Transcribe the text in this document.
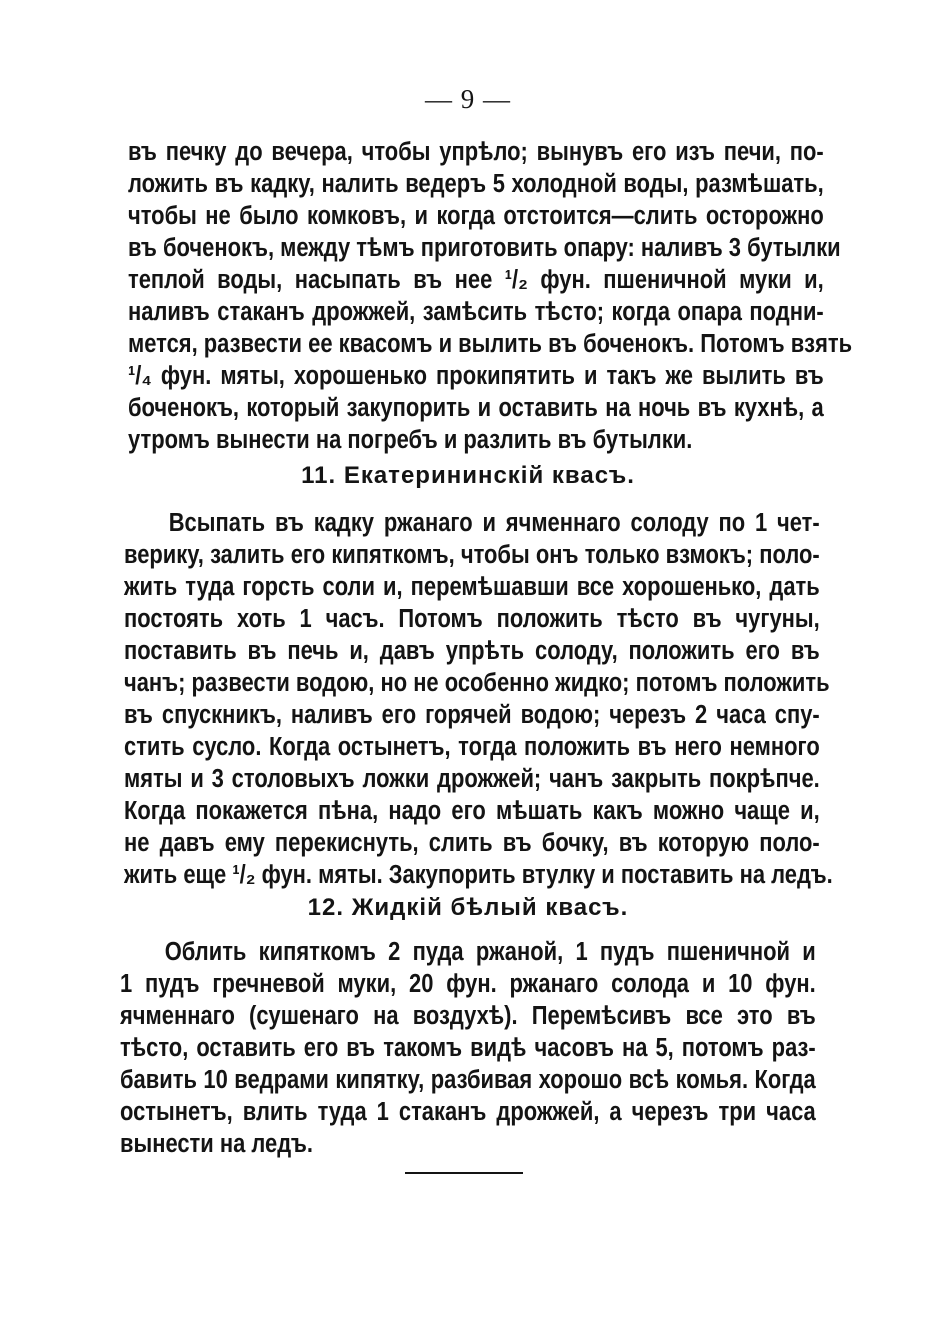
— 9 —
въ печку до вечера, чтобы упрѣло; вынувъ его изъ печи, по-
ложить въ кадку, налить ведеръ 5 холодной воды, размѣшать,
чтобы не было комковъ, и когда отстоится—слить осторожно
въ боченокъ, между тѣмъ приготовить опару: наливъ 3 бутылки
теплой воды, насыпать въ нее ¹/₂ фун. пшеничной муки и,
наливъ стаканъ дрожжей, замѣсить тѣсто; когда опара подни-
мется, развести ее квасомъ и вылить въ боченокъ. Потомъ взять
¹/₄ фун. мяты, хорошенько прокипятить и такъ же вылить въ
боченокъ, который закупорить и оставить на ночь въ кухнѣ, а
утромъ вынести на погребъ и разлить въ бутылки.
11. Екатерининскій квасъ.
Всыпать въ кадку ржанаго и ячменнаго солоду по 1 чет-
верику, залить его кипяткомъ, чтобы онъ только взмокъ; поло-
жить туда горсть соли и, перемѣшавши все хорошенько, дать
постоять хоть 1 часъ. Потомъ положить тѣсто въ чугуны,
поставить въ печь и, давъ упрѣть солоду, положить его въ
чанъ; развести водою, но не особенно жидко; потомъ положить
въ спускникъ, наливъ его горячей водою; черезъ 2 часа спу-
стить сусло. Когда остынетъ, тогда положить въ него немного
мяты и 3 столовыхъ ложки дрожжей; чанъ закрыть покрѣпче.
Когда покажется пѣна, надо его мѣшать какъ можно чаще и,
не давъ ему перекиснуть, слить въ бочку, въ которую поло-
жить еще ¹/₂ фун. мяты. Закупорить втулку и поставить на ледъ.
12. Жидкій бѣлый квасъ.
Облить кипяткомъ 2 пуда ржаной, 1 пудъ пшеничной и
1 пудъ гречневой муки, 20 фун. ржанаго солода и 10 фун.
ячменнаго (сушенаго на воздухѣ). Перемѣсивъ все это въ
тѣсто, оставить его въ такомъ видѣ часовъ на 5, потомъ раз-
бавить 10 ведрами кипятку, разбивая хорошо всѣ комья. Когда
остынетъ, влить туда 1 стаканъ дрожжей, а черезъ три часа
вынести на ледъ.
